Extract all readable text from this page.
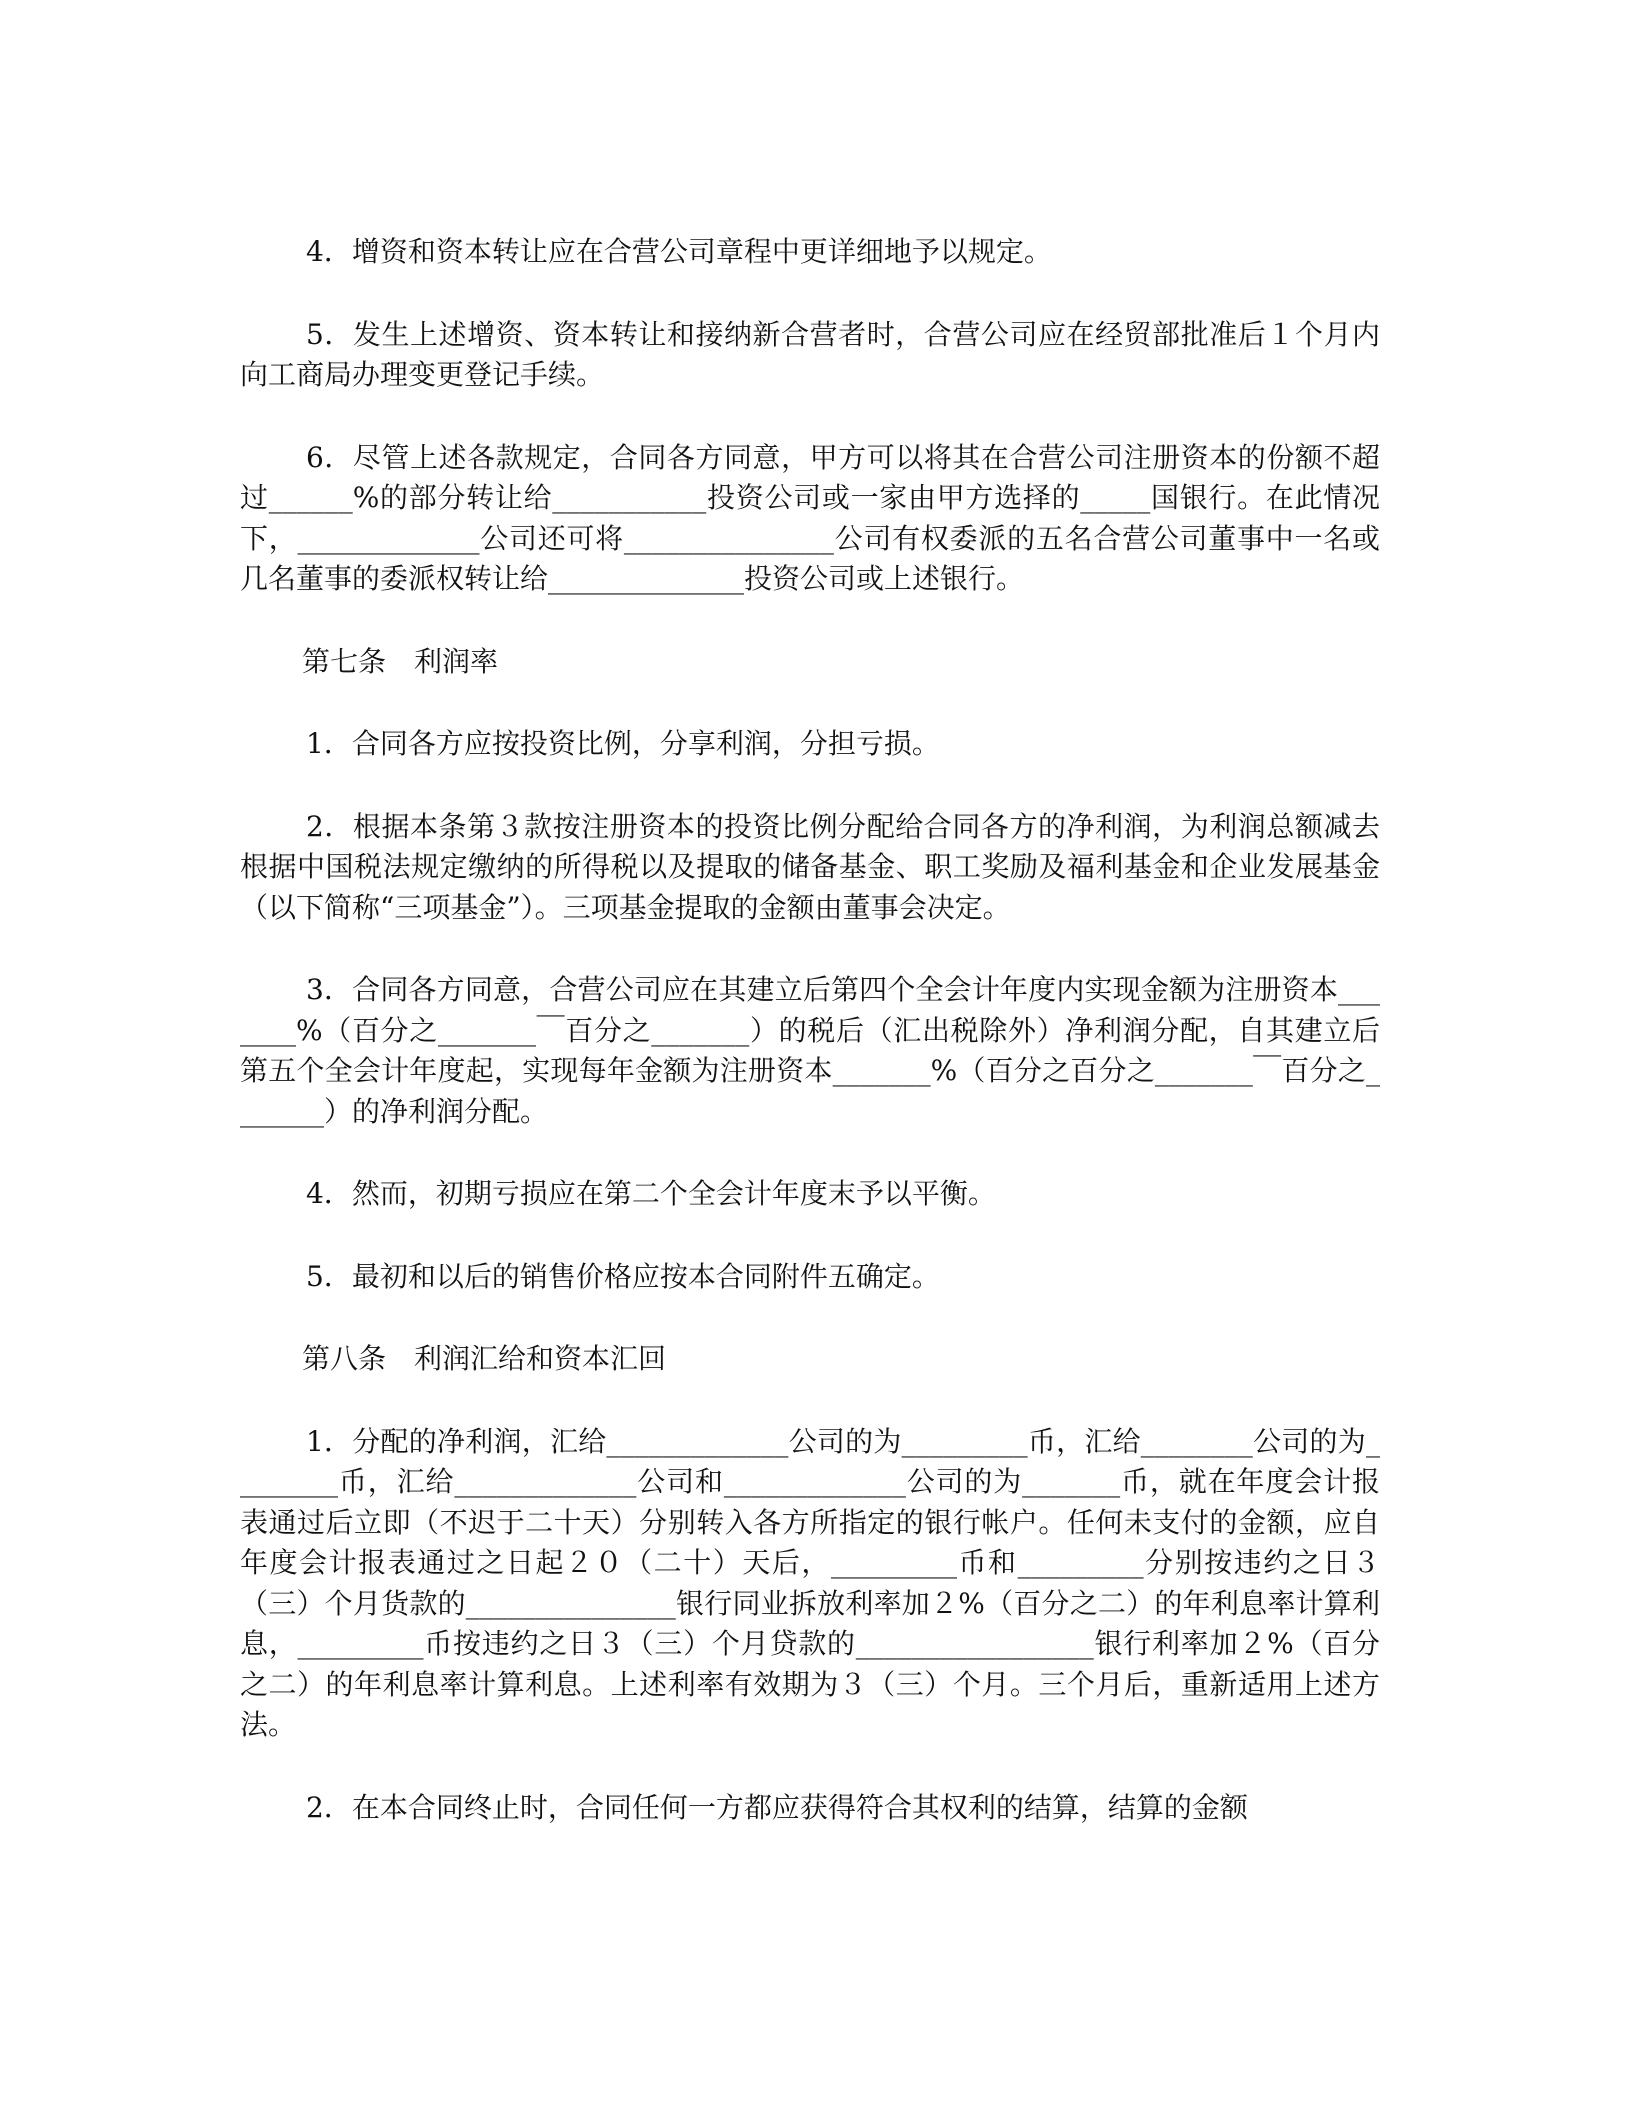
4．增资和资本转让应在合营公司章程中更详细地予以规定。

5．发生上述增资、资本转让和接纳新合营者时，合营公司应在经贸部批准后１个月内向工商局办理变更登记手续。

6．尽管上述各款规定，合同各方同意，甲方可以将其在合营公司注册资本的份额不超过______%的部分转让给___________投资公司或一家由甲方选择的_____国银行。在此情况下，_____________公司还可将_______________公司有权委派的五名合营公司董事中一名或几名董事的委派权转让给______________投资公司或上述银行。

第七条　利润率

1．合同各方应按投资比例，分享利润，分担亏损。

2．根据本条第３款按注册资本的投资比例分配给合同各方的净利润，为利润总额减去根据中国税法规定缴纳的所得税以及提取的储备基金、职工奖励及福利基金和企业发展基金（以下简称“三项基金”）。三项基金提取的金额由董事会决定。

3．合同各方同意，合营公司应在其建立后第四个全会计年度内实现金额为注册资本_______%（百分之_______￣百分之_______）的税后（汇出税除外）净利润分配，自其建立后第五个全会计年度起，实现每年金额为注册资本_______%（百分之百分之_______￣百分之_______）的净利润分配。

4．然而，初期亏损应在第二个全会计年度末予以平衡。

5．最初和以后的销售价格应按本合同附件五确定。

第八条　利润汇给和资本汇回

1．分配的净利润，汇给_____________公司的为_________币，汇给________公司的为________币，汇给_____________公司和_____________公司的为_______币，就在年度会计报表通过后立即（不迟于二十天）分别转入各方所指定的银行帐户。任何未支付的金额，应自年度会计报表通过之日起２０（二十）天后，_________币和_________分别按违约之日３（三）个月货款的_______________银行同业拆放利率加２%（百分之二）的年利息率计算利息，_________币按违约之日３（三）个月贷款的_________________银行利率加２%（百分之二）的年利息率计算利息。上述利率有效期为３（三）个月。三个月后，重新适用上述方法。

2．在本合同终止时，合同任何一方都应获得符合其权利的结算，结算的金额
